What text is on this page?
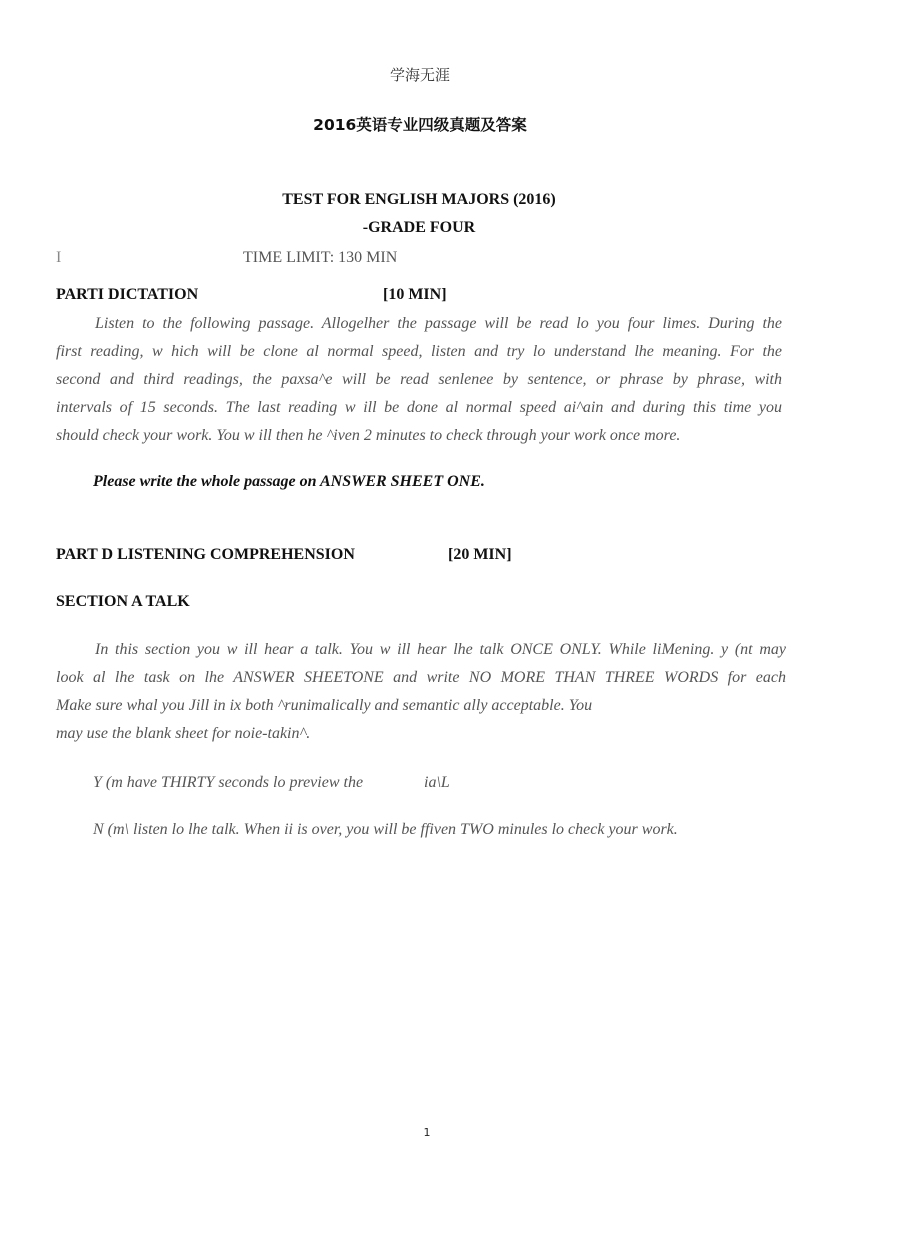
学海无涯
2016英语专业四级真题及答案
TEST FOR ENGLISH MAJORS (2016)
-GRADE FOUR
I	TIME LIMIT: 130 MIN
PARTI DICTATION	[10 MIN]
Listen to the following passage. Allogelher the passage will be read lo you four limes. During the
first reading, w hich will be clone al normal speed, listen and try lo understand lhe meaning. For the
second and third readings, the paxsa^e will be read senlenee by sentence, or phrase by phrase, with
intervals of 15 seconds. The last reading w ill be done al normal speed ai^ain and during this time you
should check your work. You w ill then he ^iven 2 minutes to check through your work once more.
Please write the whole passage on ANSWER SHEET ONE.
PART D LISTENING COMPREHENSION	[20 MIN]
SECTION A TALK
In this section you w ill hear a talk. You w ill hear lhe talk ONCE ONLY. While liMening. y (nt may
look al lhe task on lhe ANSWER SHEETONE and write NO MORE THAN THREE WORDS for each
Make sure whal you Jill in ix both ^runimalically and semantic ally acceptable. You
may use the blank sheet for noie-takin^.
Y (m have THIRTY seconds lo preview the	ia\L
N (m\ listen lo lhe talk. When ii is over, you will be ffiven TWO minules lo check your work.
1
